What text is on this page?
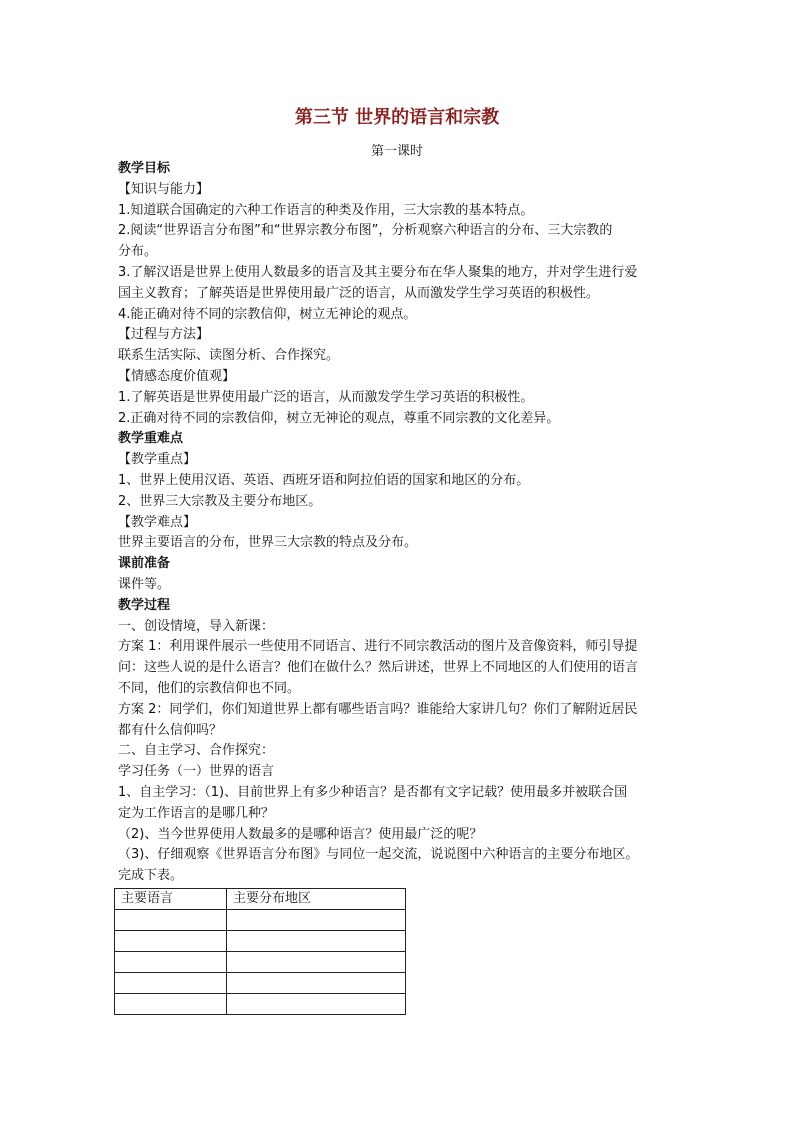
第三节 世界的语言和宗教
第一课时

教学目标

【知识与能力】

1.知道联合国确定的六种工作语言的种类及作用，三大宗教的基本特点。

2.阅读“世界语言分布图”和“世界宗教分布图”，分析观察六种语言的分布、三大宗教的

分布。

3.了解汉语是世界上使用人数最多的语言及其主要分布在华人聚集的地方，并对学生进行爱

国主义教育；了解英语是世界使用最广泛的语言，从而激发学生学习英语的积极性。

4.能正确对待不同的宗教信仰，树立无神论的观点。

【过程与方法】

联系生活实际、读图分析、合作探究。

【情感态度价值观】

1.了解英语是世界使用最广泛的语言，从而激发学生学习英语的积极性。

2.正确对待不同的宗教信仰，树立无神论的观点，尊重不同宗教的文化差异。

教学重难点

【教学重点】

1、世界上使用汉语、英语、西班牙语和阿拉伯语的国家和地区的分布。

2、世界三大宗教及主要分布地区。

【教学难点】

世界主要语言的分布，世界三大宗教的特点及分布。

课前准备

课件等。

教学过程

一、创设情境，导入新课：

方案 1：利用课件展示一些使用不同语言、进行不同宗教活动的图片及音像资料，师引导提

问：这些人说的是什么语言？他们在做什么？然后讲述，世界上不同地区的人们使用的语言

不同，他们的宗教信仰也不同。

方案 2：同学们，你们知道世界上都有哪些语言吗？谁能给大家讲几句？你们了解附近居民

都有什么信仰吗？

二、自主学习、合作探究：

学习任务（一）世界的语言

1、自主学习：（1)、目前世界上有多少种语言？是否都有文字记载？使用最多并被联合国

定为工作语言的是哪几种？

（2)、当今世界使用人数最多的是哪种语言？使用最广泛的呢？

（3)、仔细观察《世界语言分布图》与同位一起交流，说说图中六种语言的主要分布地区。

完成下表。

主要语言	主要分布地区
